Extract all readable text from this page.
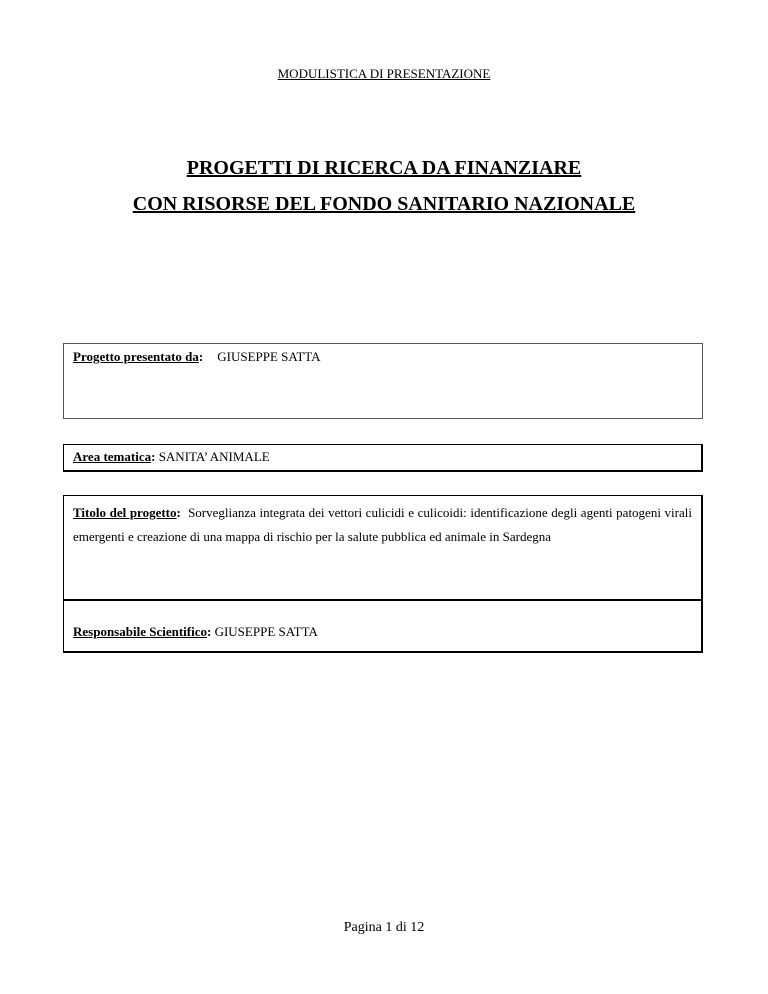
MODULISTICA DI PRESENTAZIONE
PROGETTI DI RICERCA DA FINANZIARE
CON RISORSE DEL FONDO SANITARIO NAZIONALE
Progetto presentato da: GIUSEPPE SATTA
Area tematica: SANITA’ ANIMALE
Titolo del progetto: Sorveglianza integrata dei vettori culicidi e culicoidi: identificazione degli agenti patogeni virali emergenti e creazione di una mappa di rischio per la salute pubblica ed animale in Sardegna
Responsabile Scientifico: GIUSEPPE SATTA
Pagina 1 di 12
